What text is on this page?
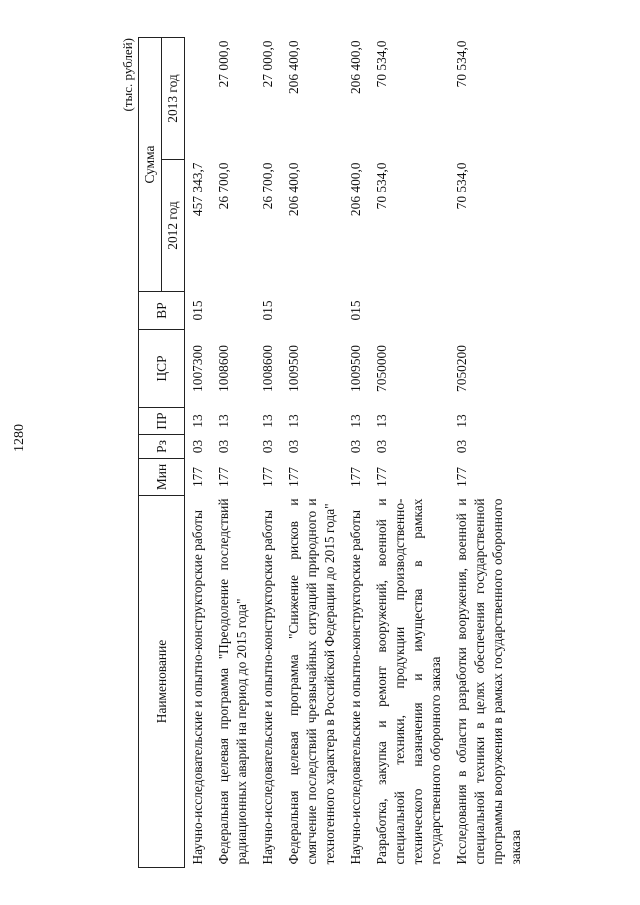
1280
(тыс. рублей)
Наименование	Мин	Рз	ПР	ЦСР	ВР	Сумма	
						2012 год	2013 год
Научно-исследовательские и опытно-конструкторские работы	177	03	13	1007300	015	457 343,7	
Федеральная целевая программа "Преодоление последствий радиационных аварий на период до 2015 года"	177	03	13	1008600		26 700,0	27 000,0
Научно-исследовательские и опытно-конструкторские работы	177	03	13	1008600	015	26 700,0	27 000,0
Федеральная целевая программа "Снижение рисков и смягчение последствий чрезвычайных ситуаций природного и техногенного характера в Российской Федерации до 2015 года"	177	03	13	1009500		206 400,0	206 400,0
Научно-исследовательские и опытно-конструкторские работы	177	03	13	1009500	015	206 400,0	206 400,0
Разработка, закупка и ремонт вооружений, военной и специальной техники, продукции производственно-технического назначения и имущества в рамках государственного оборонного заказа	177	03	13	7050000		70 534,0	70 534,0
Исследования в области разработки вооружения, военной и специальной техники в целях обеспечения государственной программы вооружения в рамках государственного оборонного заказа	177	03	13	7050200		70 534,0	70 534,0
